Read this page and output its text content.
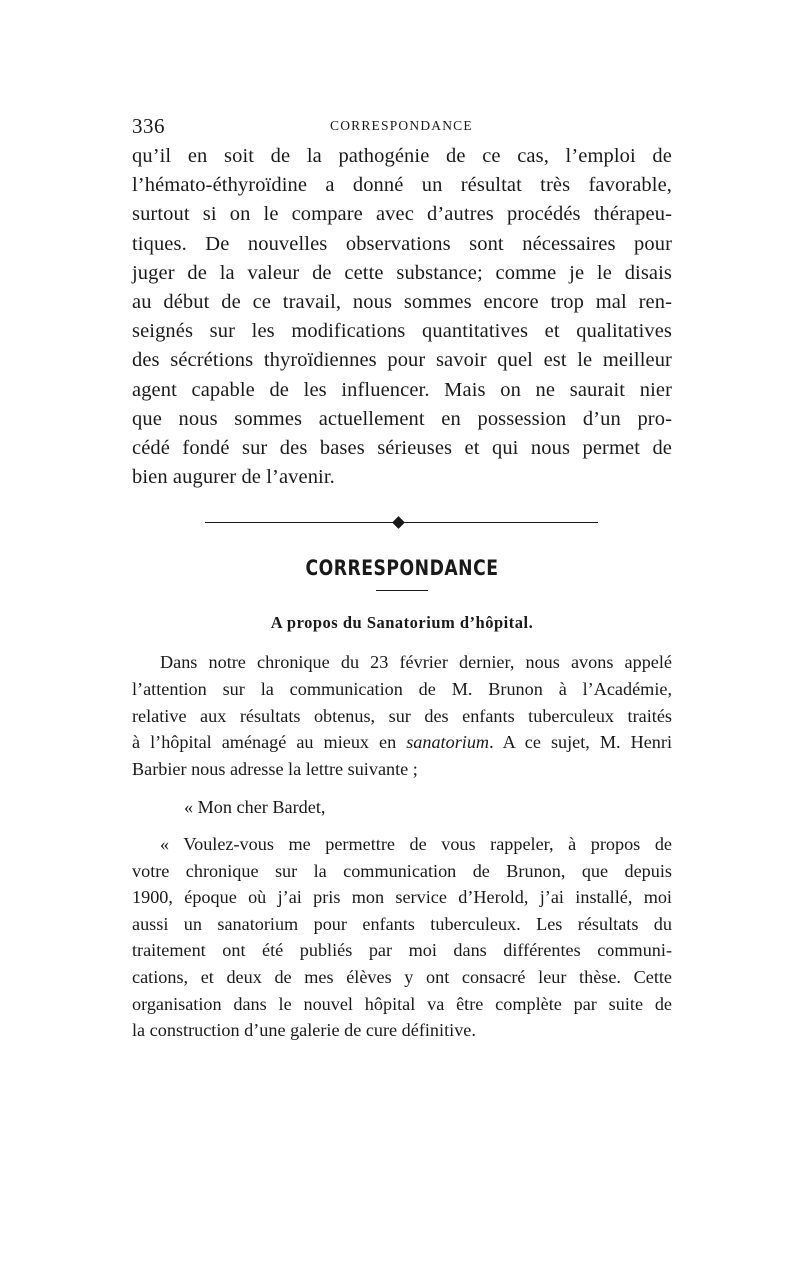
336	CORRESPONDANCE

qu’il en soit de la pathogénie de ce cas, l’emploi de
l’hémato-éthyroïdine a donné un résultat très favorable,
surtout si on le compare avec d’autres procédés thérapeu-
tiques. De nouvelles observations sont nécessaires pour
juger de la valeur de cette substance; comme je le disais
au début de ce travail, nous sommes encore trop mal ren-
seignés sur les modifications quantitatives et qualitatives
des sécrétions thyroïdiennes pour savoir quel est le meilleur
agent capable de les influencer. Mais on ne saurait nier
que nous sommes actuellement en possession d’un pro-
cédé fondé sur des bases sérieuses et qui nous permet de
bien augurer de l’avenir.

CORRESPONDANCE
A propos du Sanatorium d’hôpital.

Dans notre chronique du 23 février dernier, nous avons appelé
l’attention sur la communication de M. Brunon à l’Académie,
relative aux résultats obtenus, sur des enfants tuberculeux traités
à l’hôpital aménagé au mieux en sanatorium. A ce sujet, M. Henri
Barbier nous adresse la lettre suivante ;

« Mon cher Bardet,

« Voulez-vous me permettre de vous rappeler, à propos de
votre chronique sur la communication de Brunon, que depuis
1900, époque où j’ai pris mon service d’Herold, j’ai installé, moi
aussi un sanatorium pour enfants tuberculeux. Les résultats du
traitement ont été publiés par moi dans différentes communi-
cations, et deux de mes élèves y ont consacré leur thèse. Cette
organisation dans le nouvel hôpital va être complète par suite de
la construction d’une galerie de cure définitive.
